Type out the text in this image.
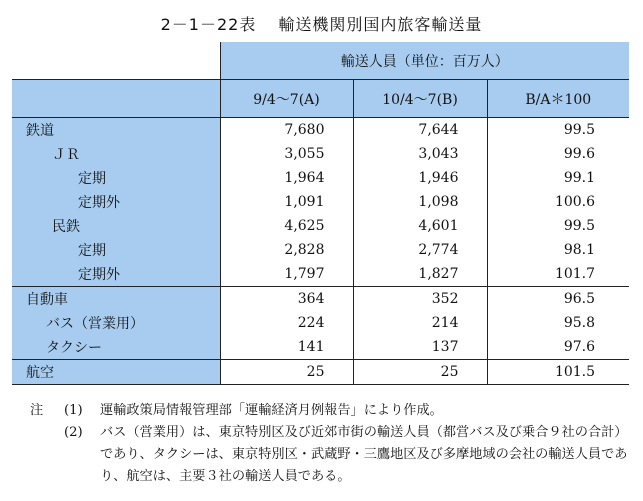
2－1－22表 輸送機関別国内旅客輸送量
	輸送人員（単位：百万人）		
	9/4～7(A)	10/4～7(B)	B/A＊100
鉄道	7,680	7,644	99.5
ＪＲ	3,055	3,043	99.6
定期	1,964	1,946	99.1
定期外	1,091	1,098	100.6
民鉄	4,625	4,601	99.5
定期	2,828	2,774	98.1
定期外	1,797	1,827	101.7
自動車	364	352	96.5
バス（営業用）	224	214	95.8
タクシー	141	137	97.6
航空	25	25	101.5
注	(1)	運輸政策局情報管理部「運輸経済月例報告」により作成。
(2)	バス（営業用）は、東京特別区及び近郊市街の輸送人員（都営バス及び乗合９社の合計）であり、タクシーは、東京特別区・武蔵野・三鷹地区及び多摩地域の会社の輸送人員であり、航空は、主要３社の輸送人員である。
